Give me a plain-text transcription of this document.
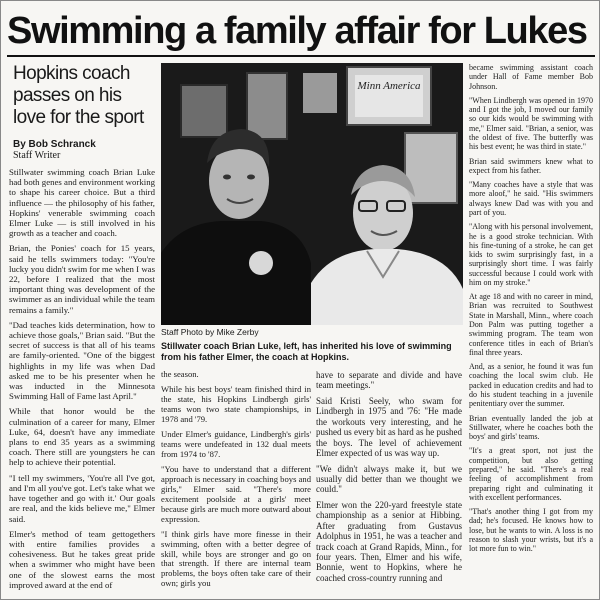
Swimming a family affair for Lukes
Hopkins coach passes on his love for the sport
By Bob Schranck
Staff Writer

Stillwater swimming coach Brian Luke had both genes and environment working to shape his career choice. But a third influence — the philosophy of his father, Hopkins' venerable swimming coach Elmer Luke — is still involved in his growth as a teacher and coach.

Brian, the Ponies' coach for 15 years, said he tells swimmers today: "You're lucky you didn't swim for me when I was 22, before I realized that the most important thing was development of the swimmer as an individual while the team remains a family."

"Dad teaches kids determination, how to achieve those goals," Brian said. "But the secret of success is that all of his teams are family-oriented. "One of the biggest highlights in my life was when Dad asked me to be his presenter when he was inducted in the Minnesota Swimming Hall of Fame last April."

While that honor would be the culmination of a career for many, Elmer Luke, 64, doesn't have any immediate plans to end 35 years as a swimming coach. There still are youngsters he can help to achieve their potential.

"I tell my swimmers, 'You're all I've got, and I'm all you've got. Let's take what we have together and go with it.' Our goals are real, and the kids believe me," Elmer said.

Elmer's method of team gettogethers with entire families provides a cohesiveness. But he takes great pride when a swimmer who might have been one of the slowest earns the most improved award at the end of

Minn America
Staff Photo by Mike Zerby
Stillwater coach Brian Luke, left, has inherited his love of swimming from his father Elmer, the coach at Hopkins.

the season.

While his best boys' team finished third in the state, his Hopkins Lindbergh girls' teams won two state championships, in 1978 and '79.

Under Elmer's guidance, Lindbergh's girls' teams were undefeated in 132 dual meets from 1974 to '87.

"You have to understand that a different approach is necessary in coaching boys and girls," Elmer said. "There's more excitement poolside at a girls' meet because girls are much more outward about expression.

"I think girls have more finesse in their swimming, often with a better degree of skill, while boys are stronger and go on that strength. If there are internal team problems, the boys often take care of their own; girls you

have to separate and divide and have team meetings."

Said Kristi Seely, who swam for Lindbergh in 1975 and '76: "He made the workouts very interesting, and he pushed us every bit as hard as he pushed the boys. The level of achievement Elmer expected of us was way up.

"We didn't always make it, but we usually did better than we thought we could."

Elmer won the 220-yard freestyle state championship as a senior at Hibbing. After graduating from Gustavus Adolphus in 1951, he was a teacher and track coach at Grand Rapids, Minn., for four years. Then, Elmer and his wife, Bonnie, went to Hopkins, where he coached cross-country running and

became swimming assistant coach under Hall of Fame member Bob Johnson.

"When Lindbergh was opened in 1970 and I got the job, I moved our family so our kids would be swimming with me," Elmer said. "Brian, a senior, was the oldest of five. The butterfly was his best event; he was third in state."

Brian said swimmers knew what to expect from his father.

"Many coaches have a style that was more aloof," he said. "His swimmers always knew Dad was with you and part of you.

"Along with his personal involvement, he is a good stroke technician. With his fine-tuning of a stroke, he can get kids to swim surprisingly fast, in a surprisingly short time. I was fairly successful because I could work with him on my stroke."

At age 18 and with no career in mind, Brian was recruited to Southwest State in Marshall, Minn., where coach Don Palm was putting together a swimming program. The team won conference titles in each of Brian's final three years.

And, as a senior, he found it was fun coaching the local swim club. He packed in education credits and had to do his student teaching in a juvenile penitentiary over the summer.

Brian eventually landed the job at Stillwater, where he coaches both the boys' and girls' teams.

"It's a great sport, not just the competition, but also getting prepared," he said. "There's a real feeling of accomplishment from preparing right and culminating it with excellent performances.

"That's another thing I got from my dad; he's focused. He knows how to lose, but he wants to win. A loss is no reason to slash your wrists, but it's a lot more fun to win."
